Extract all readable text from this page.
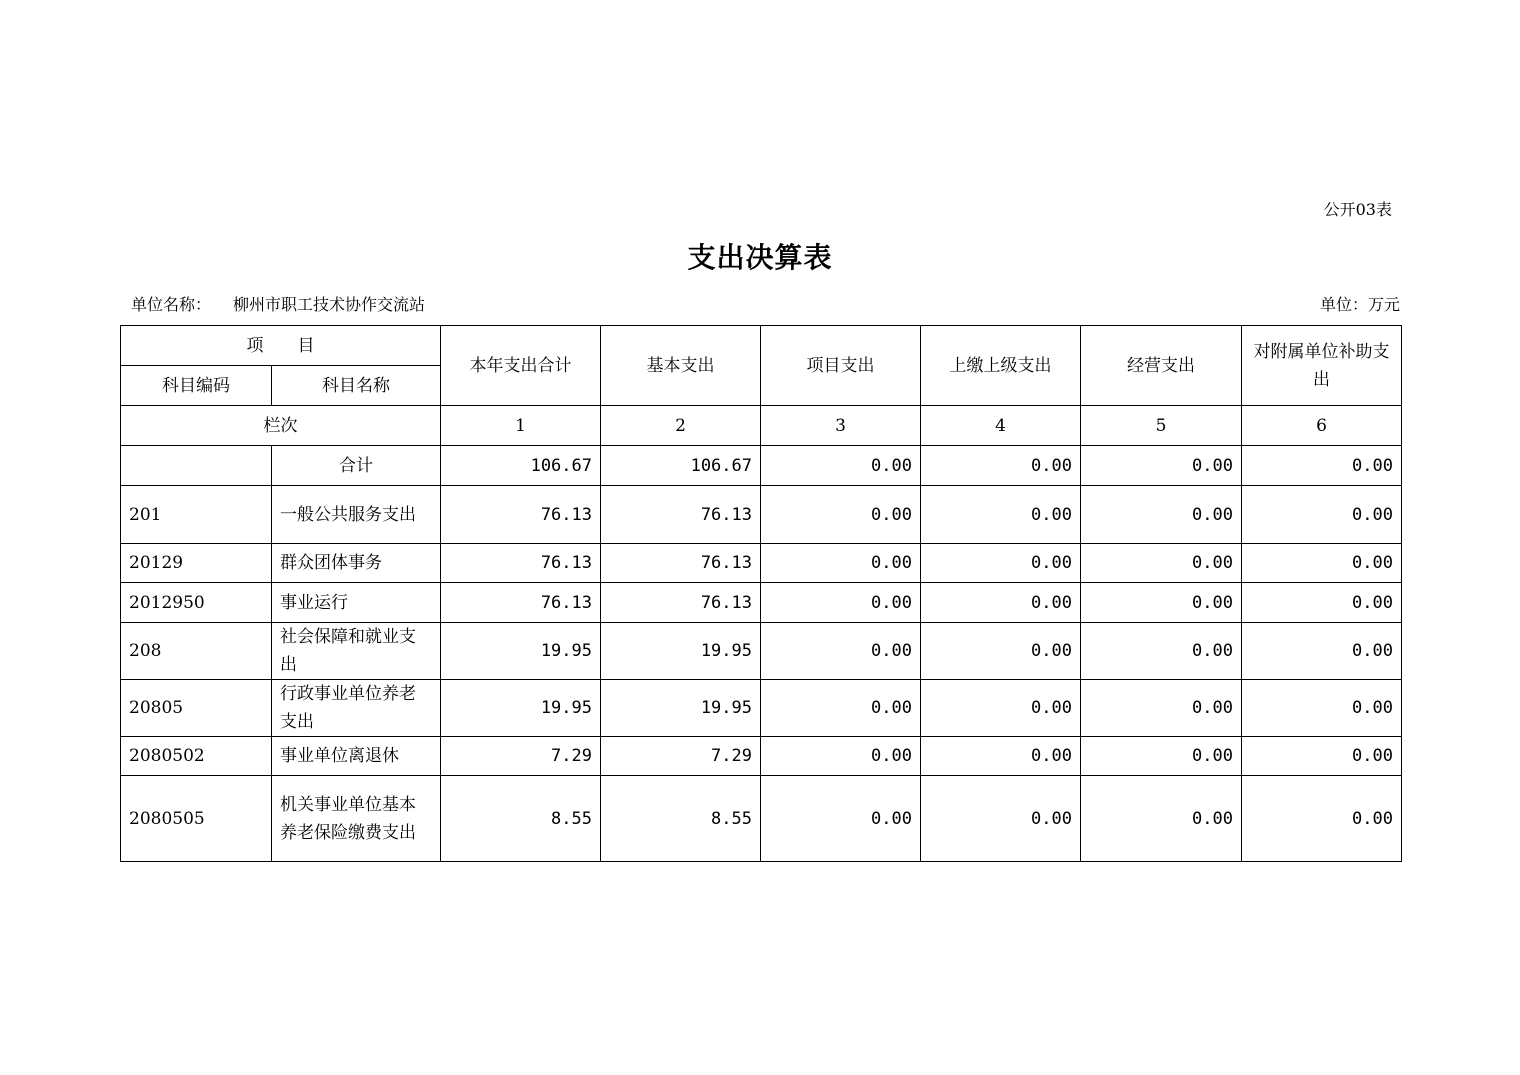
公开03表
支出决算表
单位名称： 柳州市职工技术协作交流站	单位：万元
项　　目		本年支出合计	基本支出	项目支出	上缴上级支出	经营支出	对附属单位补助支出
科目编码	科目名称						
栏次		1	2	3	4	5	6
	合计	106.67	106.67	0.00	0.00	0.00	0.00
201	一般公共服务支出	76.13	76.13	0.00	0.00	0.00	0.00
20129	群众团体事务	76.13	76.13	0.00	0.00	0.00	0.00
2012950	事业运行	76.13	76.13	0.00	0.00	0.00	0.00
208	社会保障和就业支出	19.95	19.95	0.00	0.00	0.00	0.00
20805	行政事业单位养老支出	19.95	19.95	0.00	0.00	0.00	0.00
2080502	事业单位离退休	7.29	7.29	0.00	0.00	0.00	0.00
2080505	机关事业单位基本养老保险缴费支出	8.55	8.55	0.00	0.00	0.00	0.00
